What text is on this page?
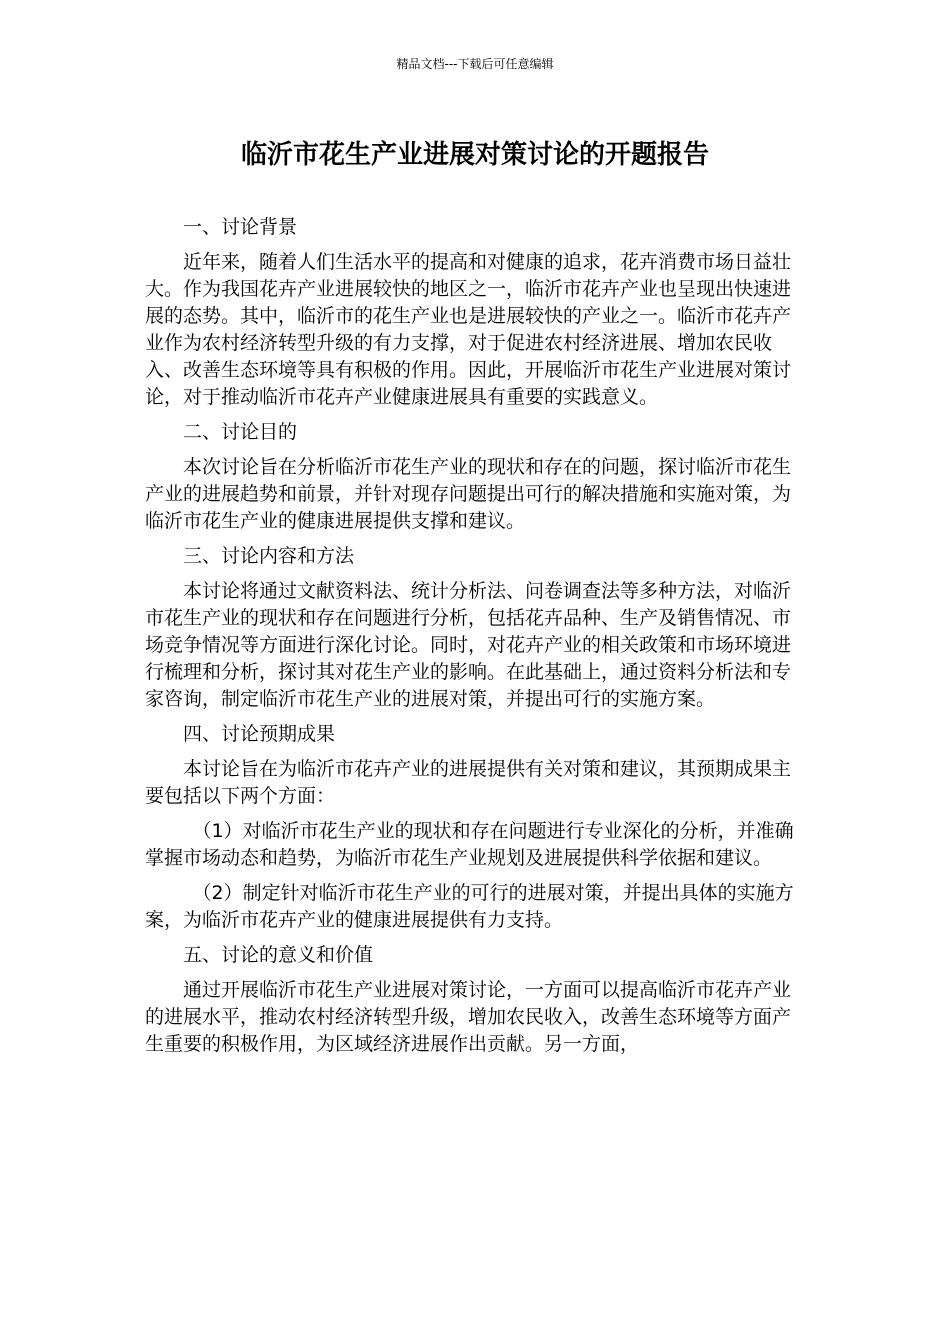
精品文档---下载后可任意编辑
临沂市花生产业进展对策讨论的开题报告

一、讨论背景

近年来，随着人们生活水平的提高和对健康的追求，花卉消费市场日益壮大。作为我国花卉产业进展较快的地区之一，临沂市花卉产业也呈现出快速进展的态势。其中，临沂市的花生产业也是进展较快的产业之一。临沂市花卉产业作为农村经济转型升级的有力支撑，对于促进农村经济进展、增加农民收入、改善生态环境等具有积极的作用。因此，开展临沂市花生产业进展对策讨论，对于推动临沂市花卉产业健康进展具有重要的实践意义。

二、讨论目的

本次讨论旨在分析临沂市花生产业的现状和存在的问题，探讨临沂市花生产业的进展趋势和前景，并针对现存问题提出可行的解决措施和实施对策，为临沂市花生产业的健康进展提供支撑和建议。

三、讨论内容和方法

本讨论将通过文献资料法、统计分析法、问卷调查法等多种方法，对临沂市花生产业的现状和存在问题进行分析，包括花卉品种、生产及销售情况、市场竞争情况等方面进行深化讨论。同时，对花卉产业的相关政策和市场环境进行梳理和分析，探讨其对花生产业的影响。在此基础上，通过资料分析法和专家咨询，制定临沂市花生产业的进展对策，并提出可行的实施方案。

四、讨论预期成果

本讨论旨在为临沂市花卉产业的进展提供有关对策和建议，其预期成果主要包括以下两个方面：

（1）对临沂市花生产业的现状和存在问题进行专业深化的分析，并准确掌握市场动态和趋势，为临沂市花生产业规划及进展提供科学依据和建议。

（2）制定针对临沂市花生产业的可行的进展对策，并提出具体的实施方案，为临沂市花卉产业的健康进展提供有力支持。

五、讨论的意义和价值

通过开展临沂市花生产业进展对策讨论，一方面可以提高临沂市花卉产业的进展水平，推动农村经济转型升级，增加农民收入，改善生态环境等方面产生重要的积极作用，为区域经济进展作出贡献。另一方面，
